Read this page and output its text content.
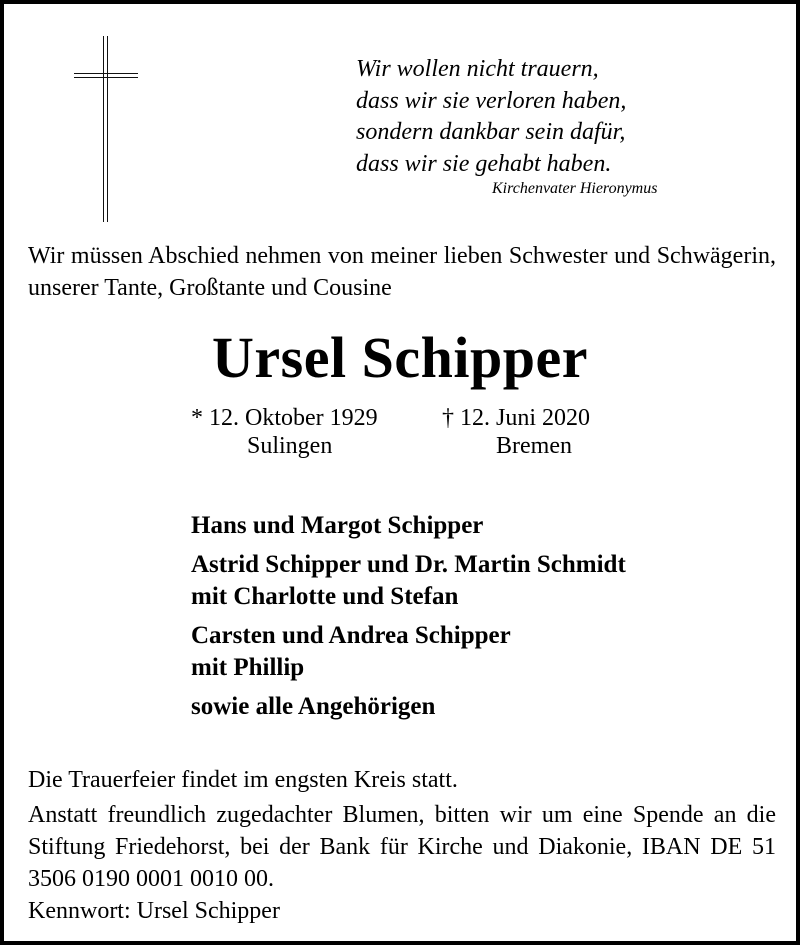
Wir wollen nicht trauern,
dass wir sie verloren haben,
sondern dankbar sein dafür,
dass wir sie gehabt haben.
Kirchenvater Hieronymus
Wir müssen Abschied nehmen von meiner lieben Schwester und Schwägerin, unserer Tante, Großtante und Cousine
Ursel Schipper
* 12. Oktober 1929	† 12. Juni 2020
Sulingen	Bremen
Hans und Margot Schipper
Astrid Schipper und Dr. Martin Schmidt
mit Charlotte und Stefan
Carsten und Andrea Schipper
mit Phillip
sowie alle Angehörigen
Die Trauerfeier findet im engsten Kreis statt.
Anstatt freundlich zugedachter Blumen, bitten wir um eine Spende an die Stiftung Friedehorst, bei der Bank für Kirche und Diakonie, IBAN DE 51 3506 0190 0001 0010 00.
Kennwort: Ursel Schipper
